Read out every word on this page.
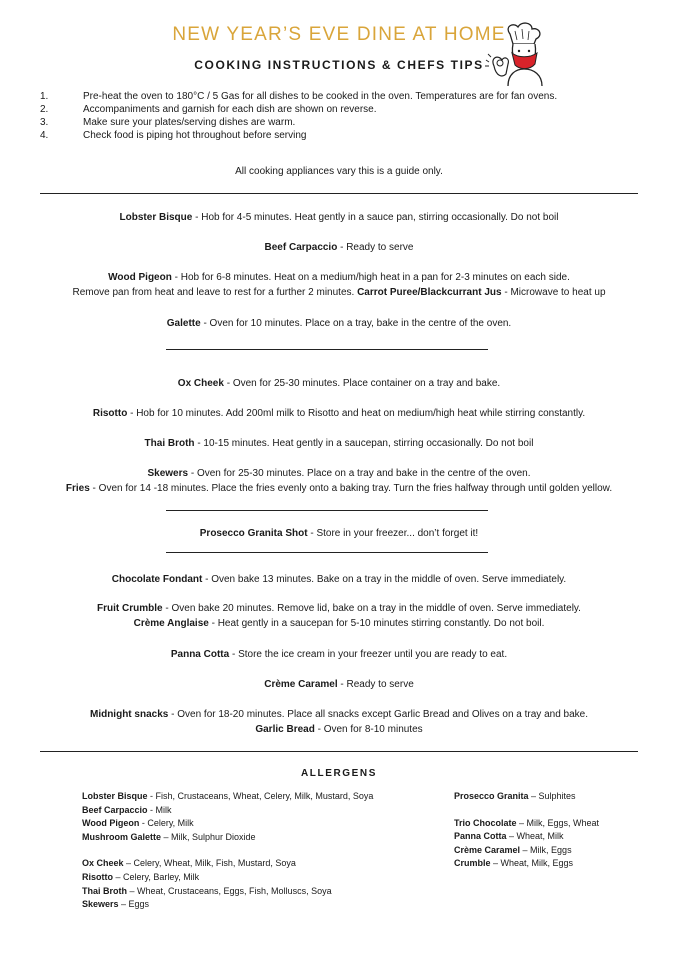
NEW YEAR’S EVE DINE AT HOME
COOKING INSTRUCTIONS & CHEFS TIPS
1.	Pre-heat the oven to 180°C / 5 Gas for all dishes to be cooked in the oven. Temperatures are for fan ovens.
2.	Accompaniments and garnish for each dish are shown on reverse.
3.	Make sure your plates/serving dishes are warm.
4.	Check food is piping hot throughout before serving
All cooking appliances vary this is a guide only.
Lobster Bisque - Hob for 4-5 minutes. Heat gently in a sauce pan, stirring occasionally. Do not boil
Beef Carpaccio - Ready to serve
Wood Pigeon - Hob for 6-8 minutes. Heat on a medium/high heat in a pan for 2-3 minutes on each side.
Remove pan from heat and leave to rest for a further 2 minutes. Carrot Puree/Blackcurrant Jus - Microwave to heat up
Galette - Oven for 10 minutes. Place on a tray, bake in the centre of the oven.
Ox Cheek - Oven for 25-30 minutes. Place container on a tray and bake.
Risotto - Hob for 10 minutes. Add 200ml milk to Risotto and heat on medium/high heat while stirring constantly.
Thai Broth - 10-15 minutes. Heat gently in a saucepan, stirring occasionally. Do not boil
Skewers - Oven for 25-30 minutes. Place on a tray and bake in the centre of the oven.
Fries - Oven for 14 -18 minutes. Place the fries evenly onto a baking tray. Turn the fries halfway through until golden yellow.
Prosecco Granita Shot - Store in your freezer... don’t forget it!
Chocolate Fondant - Oven bake 13 minutes. Bake on a tray in the middle of oven. Serve immediately.
Fruit Crumble - Oven bake 20 minutes. Remove lid, bake on a tray in the middle of oven. Serve immediately.
Crème Anglaise - Heat gently in a saucepan for 5-10 minutes stirring constantly. Do not boil.
Panna Cotta - Store the ice cream in your freezer until you are ready to eat.
Crème Caramel - Ready to serve
Midnight snacks - Oven for 18-20 minutes. Place all snacks except Garlic Bread and Olives on a tray and bake.
Garlic Bread - Oven for 8-10 minutes
ALLERGENS
Lobster Bisque - Fish, Crustaceans, Wheat, Celery, Milk, Mustard, Soya
Beef Carpaccio - Milk
Wood Pigeon - Celery, Milk
Mushroom Galette – Milk, Sulphur Dioxide
Ox Cheek – Celery, Wheat, Milk, Fish, Mustard, Soya
Risotto – Celery, Barley, Milk
Thai Broth – Wheat, Crustaceans, Eggs, Fish, Molluscs, Soya
Skewers – Eggs
Prosecco Granita – Sulphites
Trio Chocolate – Milk, Eggs, Wheat
Panna Cotta – Wheat, Milk
Crème Caramel – Milk, Eggs
Crumble – Wheat, Milk, Eggs
